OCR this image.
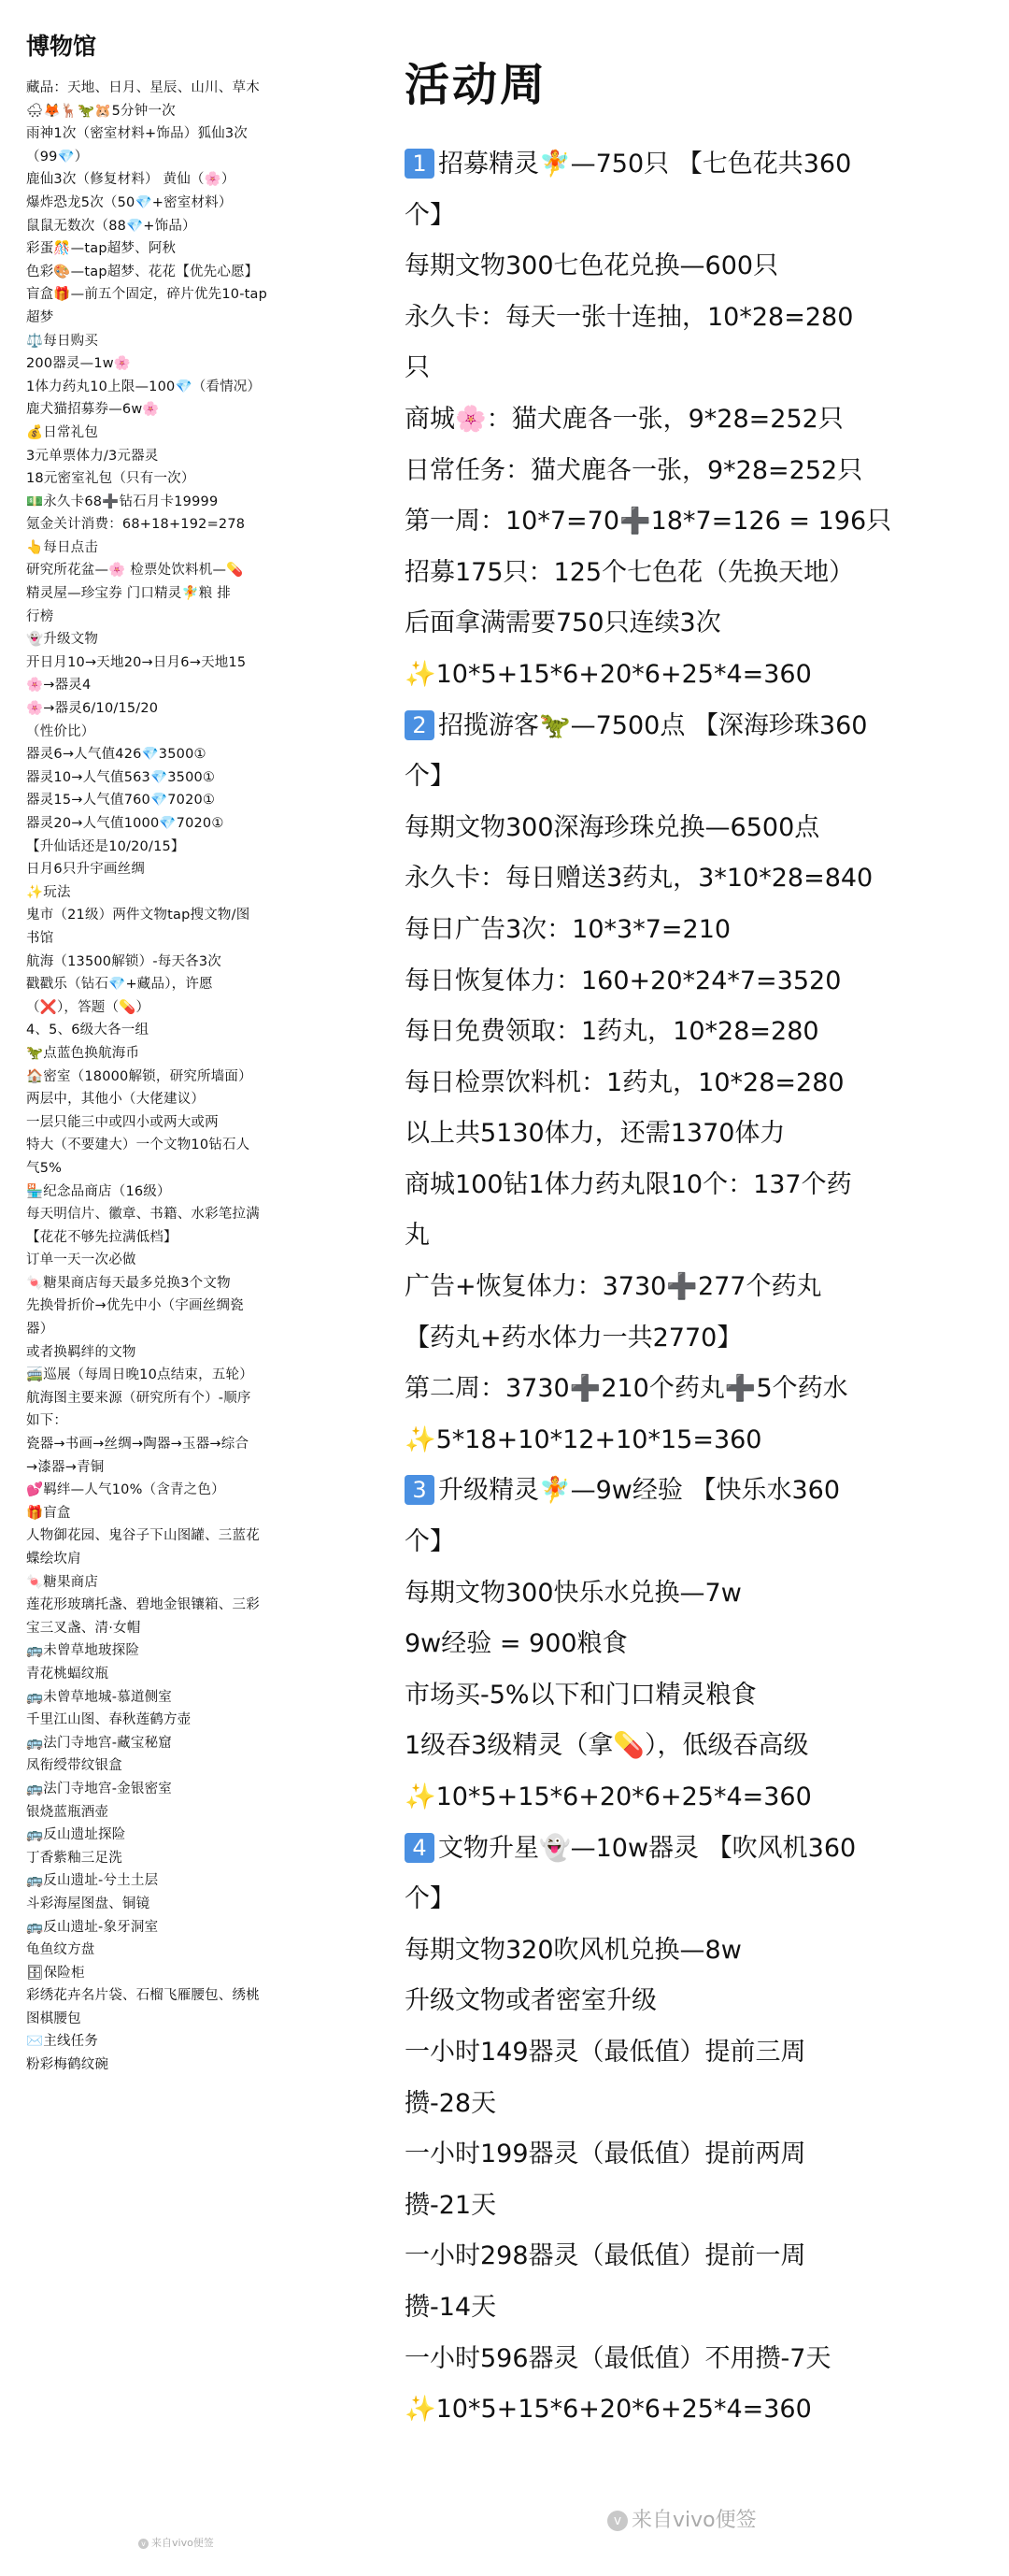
博物馆
藏品：天地、日月、星辰、山川、草木
🌨🦊🦌🦖🐹5分钟一次
雨神1次（密室材料+饰品）狐仙3次
（99💎）
鹿仙3次（修复材料） 黄仙（🌸）
爆炸恐龙5次（50💎+密室材料）
鼠鼠无数次（88💎+饰品）
彩蛋🎊—tap超梦、阿秋
色彩🎨—tap超梦、花花【优先心愿】
盲盒🎁—前五个固定，碎片优先10-tap
超梦
⚖️每日购买
200器灵—1w🌸
1体力药丸10上限—100💎（看情况）
鹿犬猫招募券—6w🌸
💰日常礼包
3元单票体力/3元器灵
18元密室礼包（只有一次）
💵永久卡68➕钻石月卡19999
氪金关计消费：68+18+192=278
👆每日点击
研究所花盆—🌸 检票处饮料机—💊
精灵屋—珍宝券 门口精灵🧚粮 排
行榜
👻升级文物
开日月10→天地20→日月6→天地15
🌸→器灵4
🌸→器灵6/10/15/20
（性价比）
器灵6→人气值426💎3500①
器灵10→人气值563💎3500①
器灵15→人气值760💎7020①
器灵20→人气值1000💎7020①
【升仙话还是10/20/15】
日月6只升宇画丝绸
✨玩法
鬼市（21级）两件文物tap搜文物/图
书馆
航海（13500解锁）-每天各3次
戳戳乐（钻石💎+藏品），许愿
（❌），答题（💊）
4、5、6级大各一组
🦖点蓝色换航海币
🏠密室（18000解锁，研究所墙面）
两层中，其他小（大佬建议）
一层只能三中或四小或两大或两
特大（不要建大）一个文物10钻石人
气5%
🏪纪念品商店（16级）
每天明信片、徽章、书籍、水彩笔拉满
【花花不够先拉满低档】
订单一天一次必做
🍬糖果商店每天最多兑换3个文物
先换骨折价→优先中小（宇画丝绸瓷
器）
或者换羁绊的文物
🚎巡展（每周日晚10点结束，五轮）
航海图主要来源（研究所有个）-顺序
如下：
瓷器→书画→丝绸→陶器→玉器→综合
→漆器→青铜
💕羁绊—人气10%（含青之色）
🎁盲盒
人物御花园、鬼谷子下山图罐、三蓝花
蝶绘坎肩
🍬糖果商店
莲花形玻璃托盏、碧地金银镶箱、三彩
宝三叉盏、清·女帽
🚌未曾草地玻探险
青花桃蝠纹瓶
🚌未曾草地城-慕道侧室
千里江山图、春秋莲鹤方壶
🚌法门寺地宫-藏宝秘窟
凤衔绶带纹银盒
🚌法门寺地宫-金银密室
银烧蓝瓶酒壶
🚌反山遗址探险
丁香紫釉三足洗
🚌反山遗址-兮土土层
斗彩海屋图盘、铜镜
🚌反山遗址-象牙洞室
龟鱼纹方盘
🗄保险柜
彩绣花卉名片袋、石榴飞雁腰包、绣桃
图棋腰包
✉️主线任务
粉彩梅鹤纹碗
活动周
1 招募精灵🧚—750只 【七色花共360
个】
每期文物300七色花兑换—600只
永久卡：每天一张十连抽，10*28=280
只
商城🌸：猫犬鹿各一张，9*28=252只
日常任务：猫犬鹿各一张，9*28=252只
第一周：10*7=70➕18*7=126 = 196只
招募175只：125个七色花（先换天地）
后面拿满需要750只连续3次
✨10*5+15*6+20*6+25*4=360
2 招揽游客🦖—7500点 【深海珍珠360
个】
每期文物300深海珍珠兑换—6500点
永久卡：每日赠送3药丸，3*10*28=840
每日广告3次：10*3*7=210
每日恢复体力：160+20*24*7=3520
每日免费领取：1药丸，10*28=280
每日检票饮料机：1药丸，10*28=280
以上共5130体力，还需1370体力
商城100钻1体力药丸限10个：137个药
丸
广告+恢复体力：3730➕277个药丸
【药丸+药水体力一共2770】
第二周：3730➕210个药丸➕5个药水
✨5*18+10*12+10*15=360
3 升级精灵🧚—9w经验 【快乐水360
个】
每期文物300快乐水兑换—7w
9w经验 = 900粮食
市场买-5%以下和门口精灵粮食
1级吞3级精灵（拿💊），低级吞高级
✨10*5+15*6+20*6+25*4=360
4 文物升星👻—10w器灵 【吹风机360
个】
每期文物320吹风机兑换—8w
升级文物或者密室升级
一小时149器灵（最低值）提前三周
攒-28天
一小时199器灵（最低值）提前两周
攒-21天
一小时298器灵（最低值）提前一周
攒-14天
一小时596器灵（最低值）不用攒-7天
✨10*5+15*6+20*6+25*4=360
v 来自vivo便签
v 来自vivo便签
